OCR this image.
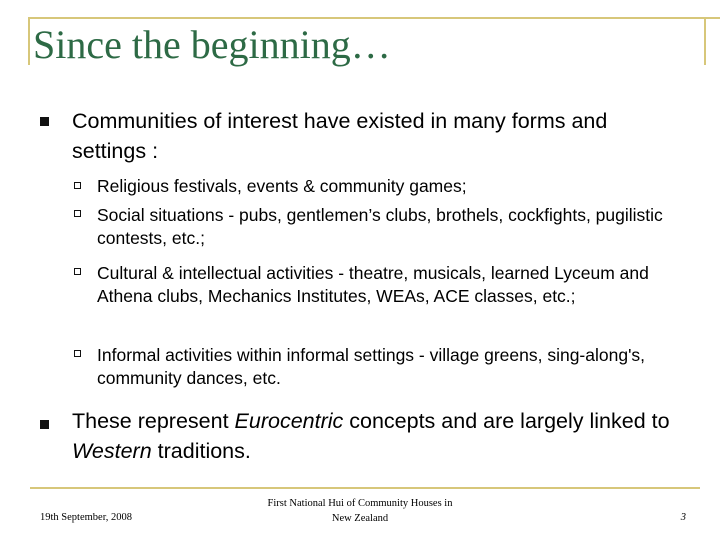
Since the beginning…
Communities of interest have existed in many forms and settings :
Religious festivals, events & community games;
Social situations - pubs, gentlemen’s clubs, brothels, cockfights, pugilistic contests, etc.;
Cultural & intellectual activities - theatre, musicals, learned Lyceum and Athena clubs, Mechanics Institutes, WEAs, ACE classes, etc.;
Informal activities within informal settings - village greens, sing-along's, community dances, etc.
These represent Eurocentric concepts and are largely linked to Western traditions.
19th September, 2008
First National Hui of Community Houses in
New Zealand	3
